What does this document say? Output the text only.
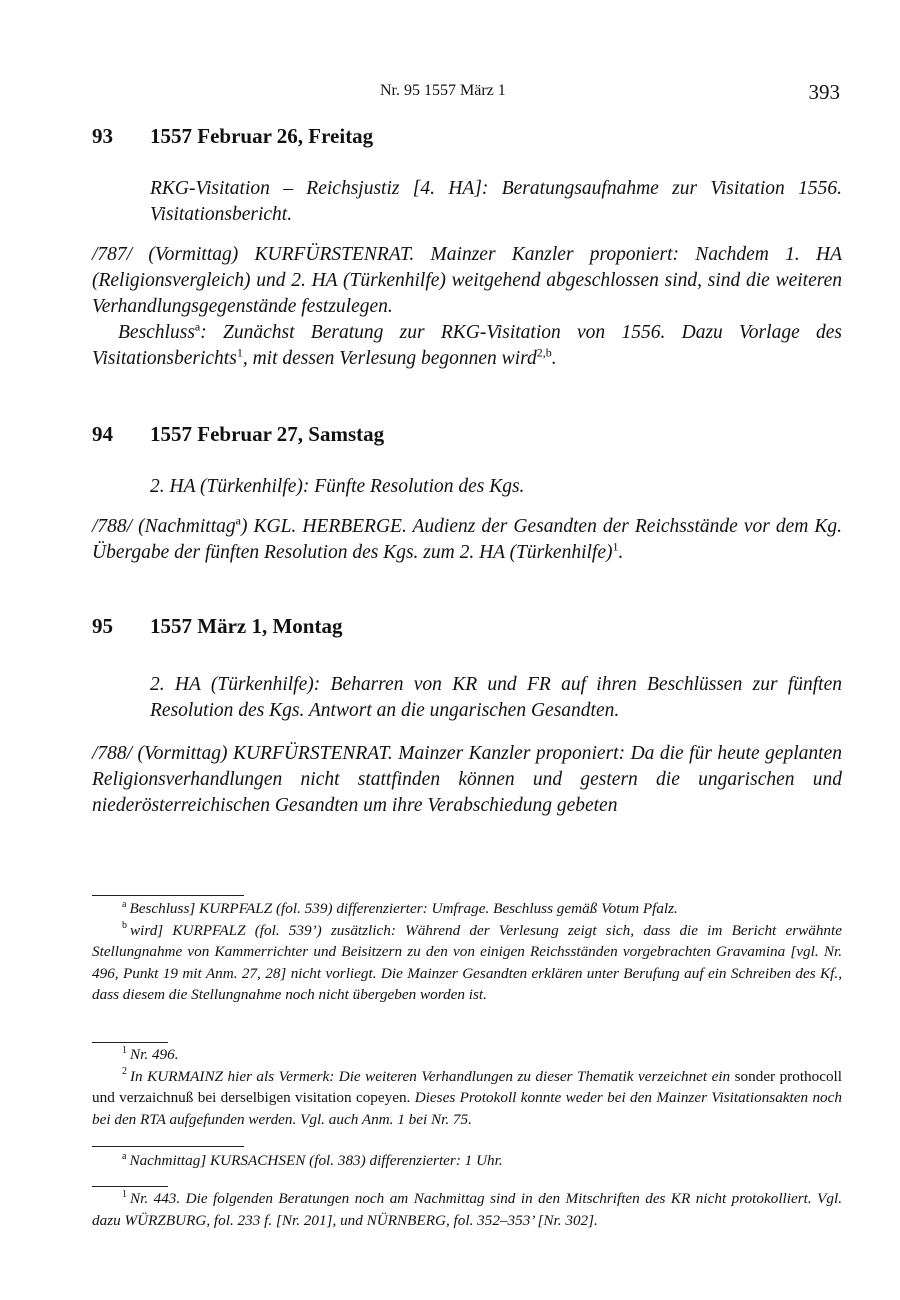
Nr. 95 1557 März 1	393
93 1557 Februar 26, Freitag
RKG-Visitation – Reichsjustiz [4. HA]: Beratungsaufnahme zur Visitation 1556. Visitationsbericht.
/787/ (Vormittag) KURFÜRSTENRAT. Mainzer Kanzler proponiert: Nachdem 1. HA (Religionsvergleich) und 2. HA (Türkenhilfe) weitgehend abgeschlossen sind, sind die weiteren Verhandlungsgegenstände festzulegen.
Beschluss$^a$: Zunächst Beratung zur RKG-Visitation von 1556. Dazu Vorlage des Visitationsberichts$^1$, mit dessen Verlesung begonnen wird$^{2,b}$.
94 1557 Februar 27, Samstag
2. HA (Türkenhilfe): Fünfte Resolution des Kgs.
/788/ (Nachmittag$^a$) KGL. HERBERGE. Audienz der Gesandten der Reichsstände vor dem Kg. Übergabe der fünften Resolution des Kgs. zum 2. HA (Türkenhilfe)$^1$.
95 1557 März 1, Montag
2. HA (Türkenhilfe): Beharren von KR und FR auf ihren Beschlüssen zur fünften Resolution des Kgs. Antwort an die ungarischen Gesandten.
/788/ (Vormittag) KURFÜRSTENRAT. Mainzer Kanzler proponiert: Da die für heute geplanten Religionsverhandlungen nicht stattfinden können und gestern die ungarischen und niederösterreichischen Gesandten um ihre Verabschiedung gebeten

$^a$ Beschluss] KURPFALZ (fol. 539) differenzierter: Umfrage. Beschluss gemäß Votum Pfalz.

$^b$ wird] KURPFALZ (fol. 539’) zusätzlich: Während der Verlesung zeigt sich, dass die im Bericht erwähnte Stellungnahme von Kammerrichter und Beisitzern zu den von einigen Reichsständen vorgebrachten Gravamina [vgl. Nr. 496, Punkt 19 mit Anm. 27, 28] nicht vorliegt. Die Mainzer Gesandten erklären unter Berufung auf ein Schreiben des Kf., dass diesem die Stellungnahme noch nicht übergeben worden ist.

$^1$ Nr. 496.

$^2$ In KURMAINZ hier als Vermerk: Die weiteren Verhandlungen zu dieser Thematik verzeichnet ein sonder prothocoll und verzaichnuß bei derselbigen visitation copeyen. Dieses Protokoll konnte weder bei den Mainzer Visitationsakten noch bei den RTA aufgefunden werden. Vgl. auch Anm. 1 bei Nr. 75.

$^a$ Nachmittag] KURSACHSEN (fol. 383) differenzierter: 1 Uhr.

$^1$ Nr. 443. Die folgenden Beratungen noch am Nachmittag sind in den Mitschriften des KR nicht protokolliert. Vgl. dazu WÜRZBURG, fol. 233 f. [Nr. 201], und NÜRNBERG, fol. 352–353’ [Nr. 302].
